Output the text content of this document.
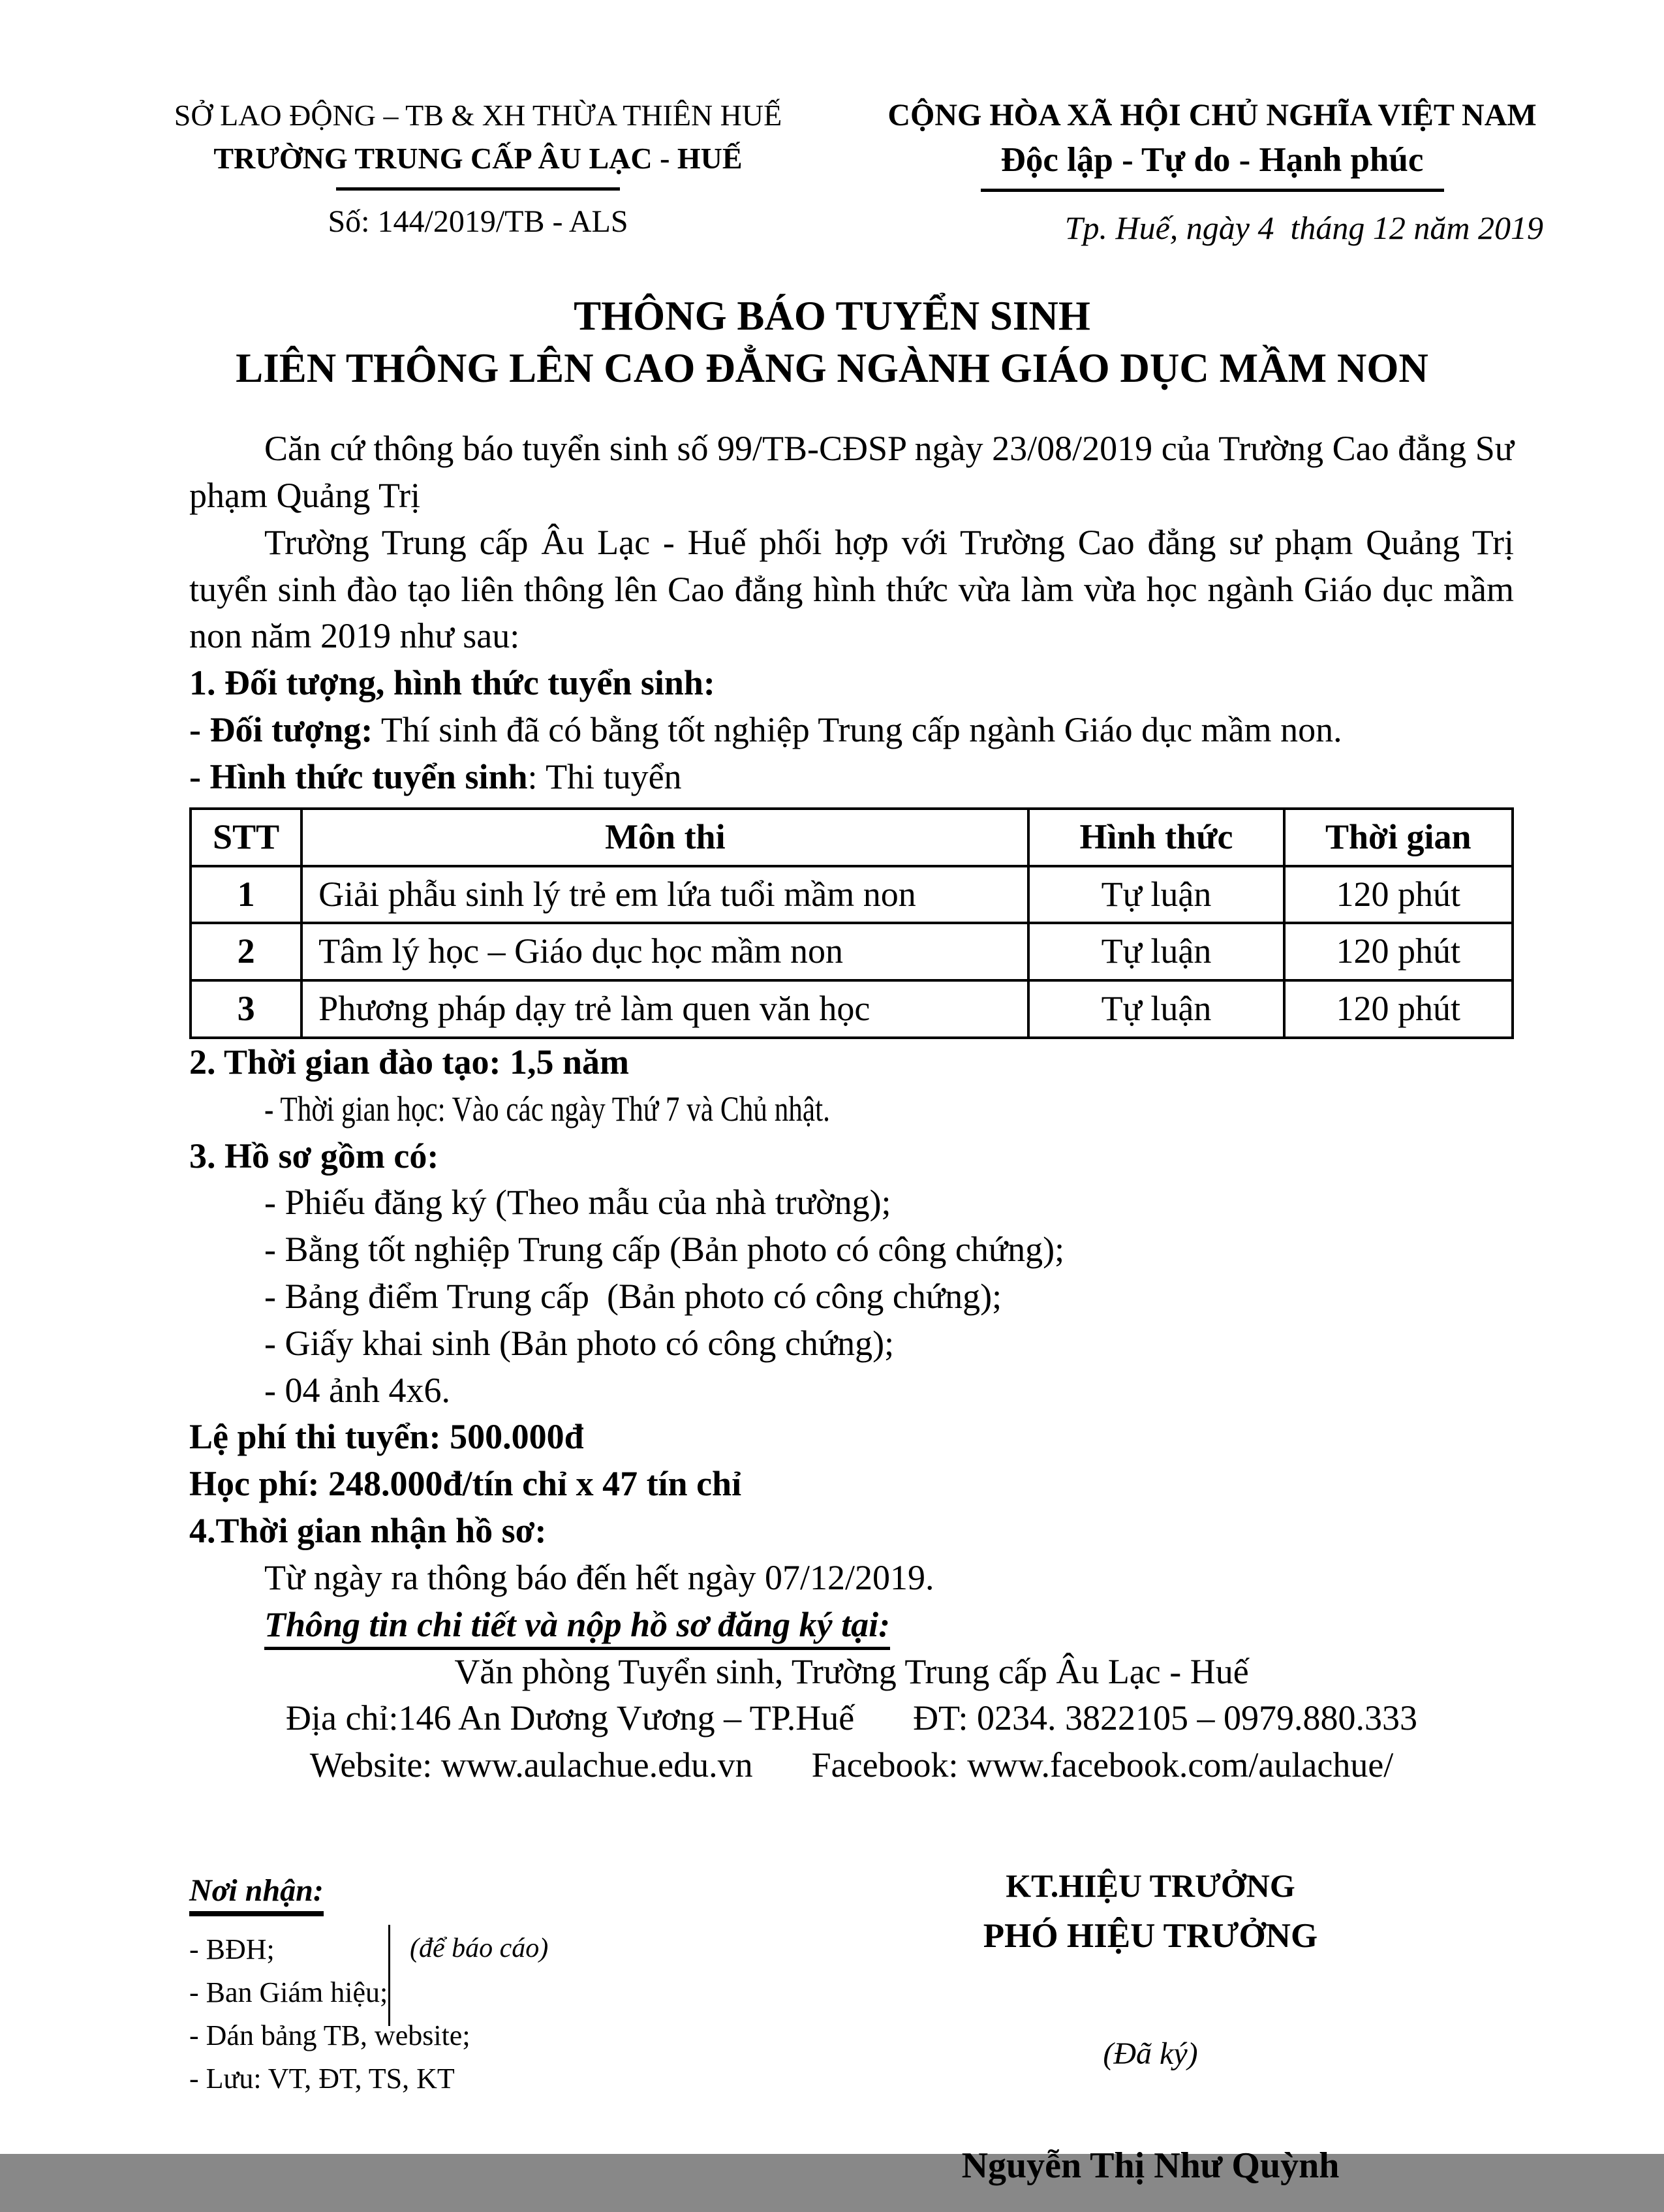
SỞ LAO ĐỘNG – TB & XH THỪA THIÊN HUẾ
TRƯỜNG TRUNG CẤP ÂU LẠC - HUẾ
Số: 144/2019/TB - ALS
CỘNG HÒA XÃ HỘI CHỦ NGHĨA VIỆT NAM
Độc lập - Tự do - Hạnh phúc
Tp. Huế, ngày 4  tháng 12 năm 2019
THÔNG BÁO TUYỂN SINH
LIÊN THÔNG LÊN CAO ĐẲNG NGÀNH GIÁO DỤC MẦM NON

Căn cứ thông báo tuyển sinh số 99/TB-CĐSP ngày 23/08/2019 của Trường Cao đẳng Sư phạm Quảng Trị

Trường Trung cấp Âu Lạc - Huế phối hợp với Trường Cao đẳng sư phạm Quảng Trị tuyển sinh đào tạo liên thông lên Cao đẳng hình thức vừa làm vừa học ngành Giáo dục mầm non năm 2019 như sau:

1. Đối tượng, hình thức tuyển sinh:

- Đối tượng: Thí sinh đã có bằng tốt nghiệp Trung cấp ngành Giáo dục mầm non.

- Hình thức tuyển sinh: Thi tuyển

STT	Môn thi	Hình thức	Thời gian
1	Giải phẫu sinh lý trẻ em lứa tuổi mầm non	Tự luận	120 phút
2	Tâm lý học – Giáo dục học mầm non	Tự luận	120 phút
3	Phương pháp dạy trẻ làm quen văn học	Tự luận	120 phút

2. Thời gian đào tạo: 1,5 năm

- Thời gian học: Vào các ngày Thứ 7 và Chủ nhật.

3. Hồ sơ gồm có:

- Phiếu đăng ký (Theo mẫu của nhà trường);

- Bằng tốt nghiệp Trung cấp (Bản photo có công chứng);

- Bảng điểm Trung cấp  (Bản photo có công chứng);

- Giấy khai sinh (Bản photo có công chứng);

- 04 ảnh 4x6.

Lệ phí thi tuyển: 500.000đ

Học phí: 248.000đ/tín chỉ x 47 tín chỉ

4.Thời gian nhận hồ sơ:

Từ ngày ra thông báo đến hết ngày 07/12/2019.

Thông tin chi tiết và nộp hồ sơ đăng ký tại:

Văn phòng Tuyển sinh, Trường Trung cấp Âu Lạc - Huế

Địa chỉ:146 An Dương Vương – TP.Huế ĐT: 0234. 3822105 – 0979.880.333

Website: www.aulachue.edu.vn Facebook: www.facebook.com/aulachue/

Nơi nhận:
- BĐH;
- Ban Giám hiệu;
- Dán bảng TB, website;
- Lưu: VT, ĐT, TS, KT
(để báo cáo)
KT.HIỆU TRƯỞNG
PHÓ HIỆU TRƯỞNG
(Đã ký)
Nguyễn Thị Như Quỳnh
